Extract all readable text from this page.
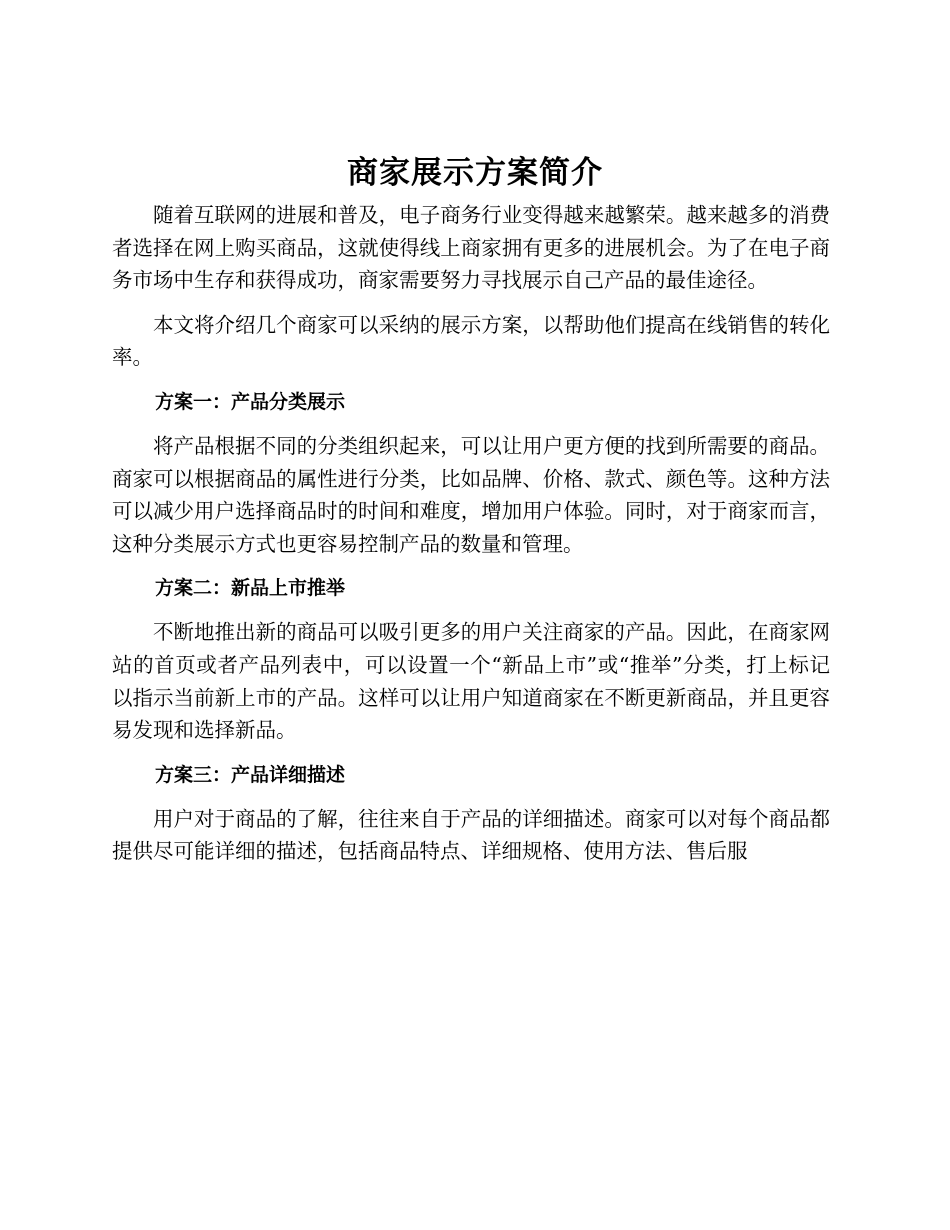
商家展示方案简介

随着互联网的进展和普及，电子商务行业变得越来越繁荣。越来越多的消费者选择在网上购买商品，这就使得线上商家拥有更多的进展机会。为了在电子商务市场中生存和获得成功，商家需要努力寻找展示自己产品的最佳途径。

本文将介绍几个商家可以采纳的展示方案，以帮助他们提高在线销售的转化率。

方案一：产品分类展示

将产品根据不同的分类组织起来，可以让用户更方便的找到所需要的商品。商家可以根据商品的属性进行分类，比如品牌、价格、款式、颜色等。这种方法可以减少用户选择商品时的时间和难度，增加用户体验。同时，对于商家而言，这种分类展示方式也更容易控制产品的数量和管理。

方案二：新品上市推举

不断地推出新的商品可以吸引更多的用户关注商家的产品。因此，在商家网站的首页或者产品列表中，可以设置一个“新品上市”或“推举”分类，打上标记以指示当前新上市的产品。这样可以让用户知道商家在不断更新商品，并且更容易发现和选择新品。

方案三：产品详细描述

用户对于商品的了解，往往来自于产品的详细描述。商家可以对每个商品都提供尽可能详细的描述，包括商品特点、详细规格、使用方法、售后服
